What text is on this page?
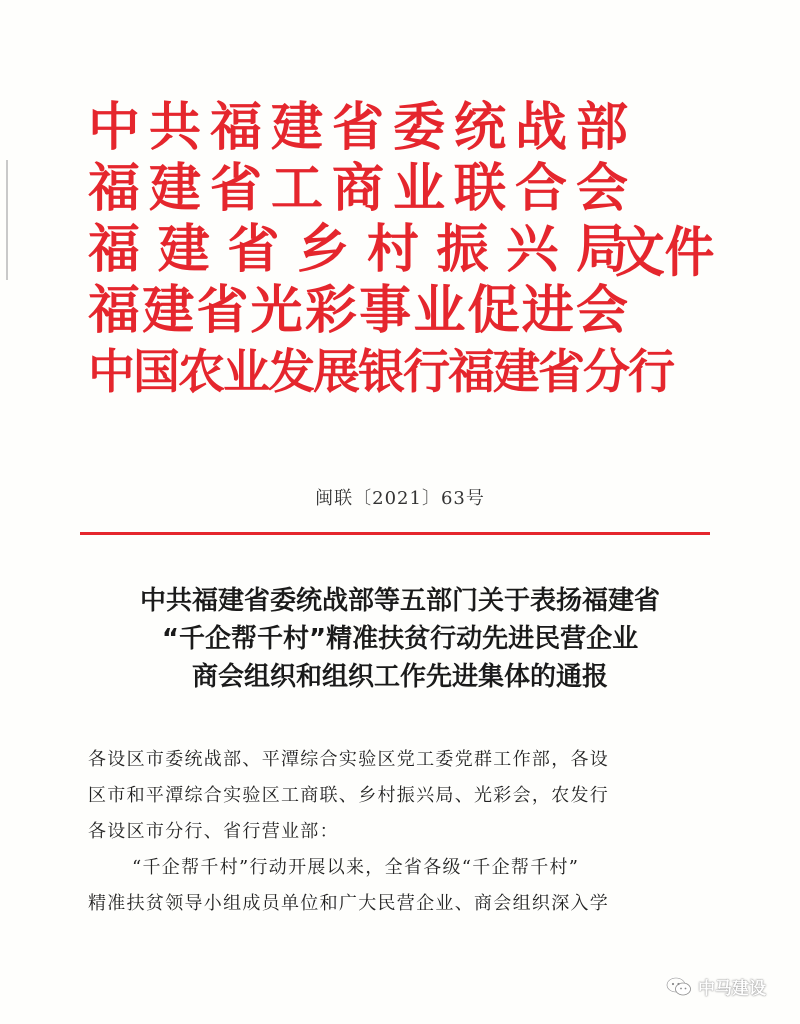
中共福建省委统战部
福建省工商业联合会
福建省乡村振兴局
福建省光彩事业促进会
中国农业发展银行福建省分行
文件
闽联〔2021〕63号
中共福建省委统战部等五部门关于表扬福建省
“千企帮千村”精准扶贫行动先进民营企业
商会组织和组织工作先进集体的通报
各设区市委统战部、平潭综合实验区党工委党群工作部，各设
区市和平潭综合实验区工商联、乡村振兴局、光彩会，农发行
各设区市分行、省行营业部：
“千企帮千村”行动开展以来，全省各级“千企帮千村”
精准扶贫领导小组成员单位和广大民营企业、商会组织深入学
中马建设
